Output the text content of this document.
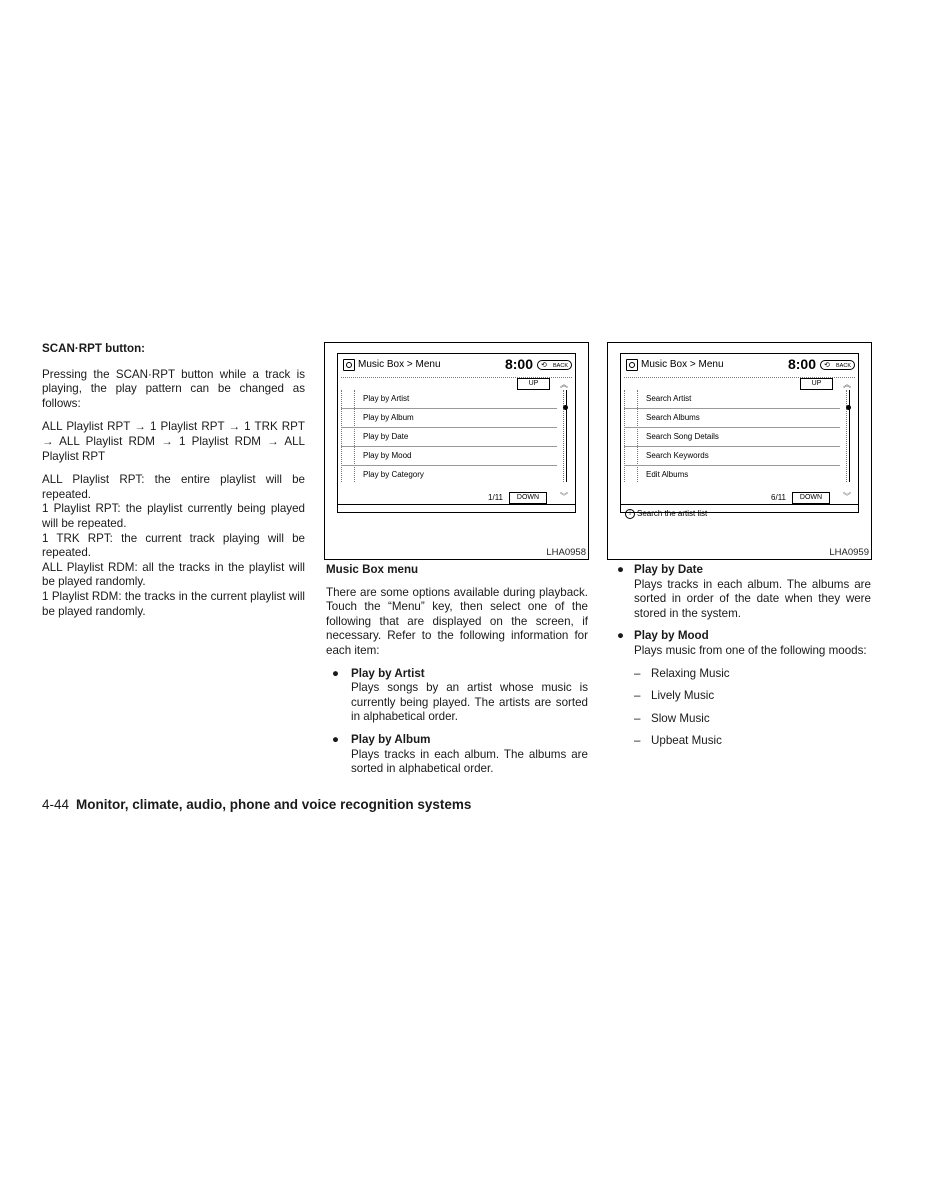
SCAN·RPT button:

Pressing the SCAN·RPT button while a track is playing, the play pattern can be changed as follows:

ALL Playlist RPT → 1 Playlist RPT → 1 TRK RPT → ALL Playlist RDM → 1 Playlist RDM → ALL Playlist RPT

ALL Playlist RPT: the entire playlist will be repeated.

1 Playlist RPT: the playlist currently being played will be repeated.

1 TRK RPT: the current track playing will be repeated.

ALL Playlist RDM: all the tracks in the playlist will be played randomly.

1 Playlist RDM: the tracks in the current playlist will be played randomly.

Music Box > Menu	8:00	⟲ BACK
UP	︽
Play by Artist
Play by Album
Play by Date
Play by Mood
Play by Category
1/11	DOWN	︾
LHA0958
Music Box > Menu	8:00	⟲ BACK
UP	︽
Search Artist
Search Albums
Search Song Details
Search Keywords
Edit Albums
6/11	DOWN	︾
i Search the artist list
LHA0959

Music Box menu

There are some options available during playback. Touch the “Menu” key, then select one of the following that are displayed on the screen, if necessary. Refer to the following information for each item:

● Play by Artist

Plays songs by an artist whose music is currently being played. The artists are sorted in alphabetical order.

● Play by Album

Plays tracks in each album. The albums are sorted in alphabetical order.

● Play by Date

Plays tracks in each album. The albums are sorted in order of the date when they were stored in the system.

● Play by Mood

Plays music from one of the following moods:

– Relaxing Music
– Lively Music
– Slow Music
– Upbeat Music
4-44 Monitor, climate, audio, phone and voice recognition systems
